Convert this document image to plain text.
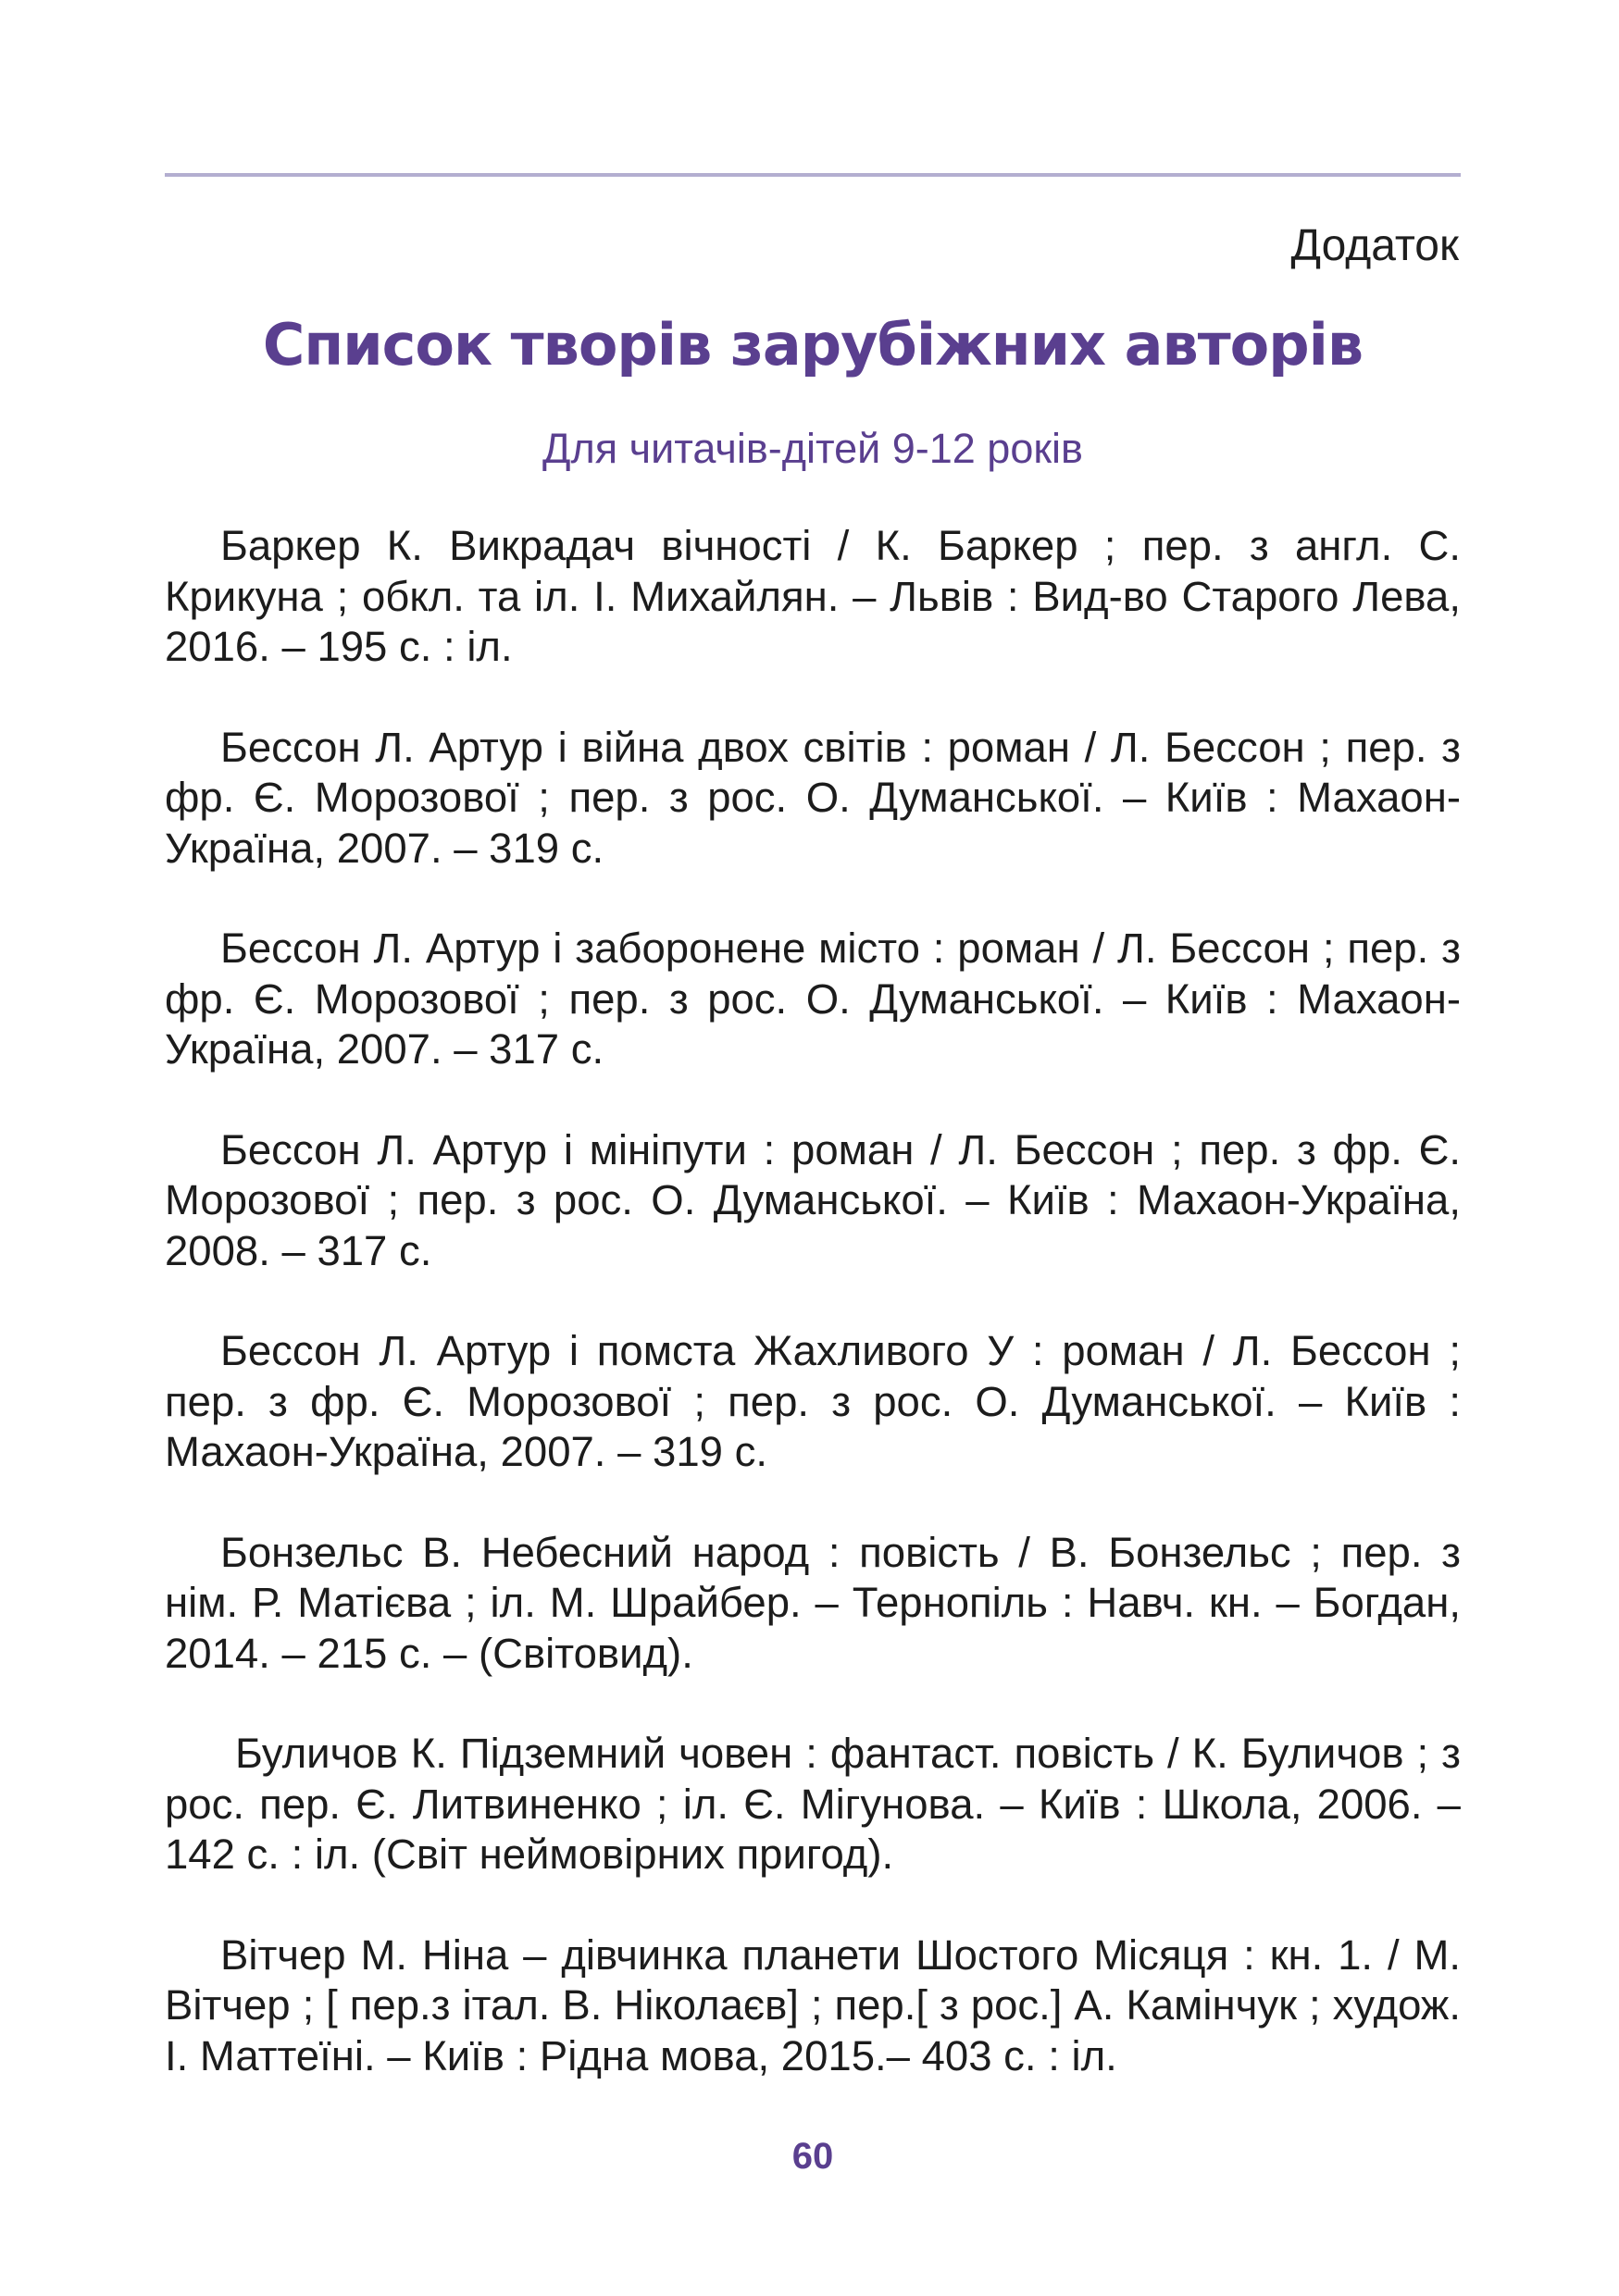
Додаток
Список творів зарубіжних авторів
Для читачів-дітей 9-12 років

Баркер К. Викрадач вічності / К. Баркер ; пер. з англ. С. Крикуна ; обкл. та іл. І. Михайлян. – Львів : Вид-во Старого Лева, 2016. – 195 с. : іл.

Бессон Л. Артур і війна двох світів : роман / Л. Бессон ; пер. з фр. Є. Морозової ; пер. з рос. О. Думанської. – Київ : Махаон-Україна, 2007. – 319 с.

Бессон Л. Артур і заборонене місто : роман / Л. Бессон ; пер. з фр. Є. Морозової ; пер. з рос. О. Думанської. – Київ : Махаон-Україна, 2007. – 317 с.

Бессон Л. Артур і мініпути : роман / Л. Бессон ; пер. з фр. Є. Морозової ; пер. з рос. О. Думанської. – Київ : Махаон-Україна, 2008. – 317 с.

Бессон Л. Артур і помста Жахливого У : роман / Л. Бессон ; пер. з фр. Є. Морозової ; пер. з рос. О. Думанської. – Київ : Махаон-Україна, 2007. – 319 с.

Бонзельс В. Небесний народ : повість / В. Бонзельс ; пер. з нім. Р. Матієва ; іл. М. Шрайбер. – Тернопіль : Навч. кн. – Богдан, 2014. – 215 с. – (Світовид).

Буличов К. Підземний човен : фантаст. повість / К. Буличов ; з рос. пер. Є. Литвиненко ; іл. Є. Мігунова. – Київ : Школа, 2006. – 142 с. : іл. (Світ неймовірних пригод).

Вітчер М. Ніна – дівчинка планети Шостого Місяця : кн. 1. / М. Вітчер ; [ пер.з італ. В. Ніколаєв] ; пер.[ з рос.] А. Камінчук ; худож. І. Маттеїні. – Київ : Рідна мова, 2015.– 403 с. : іл.

60
